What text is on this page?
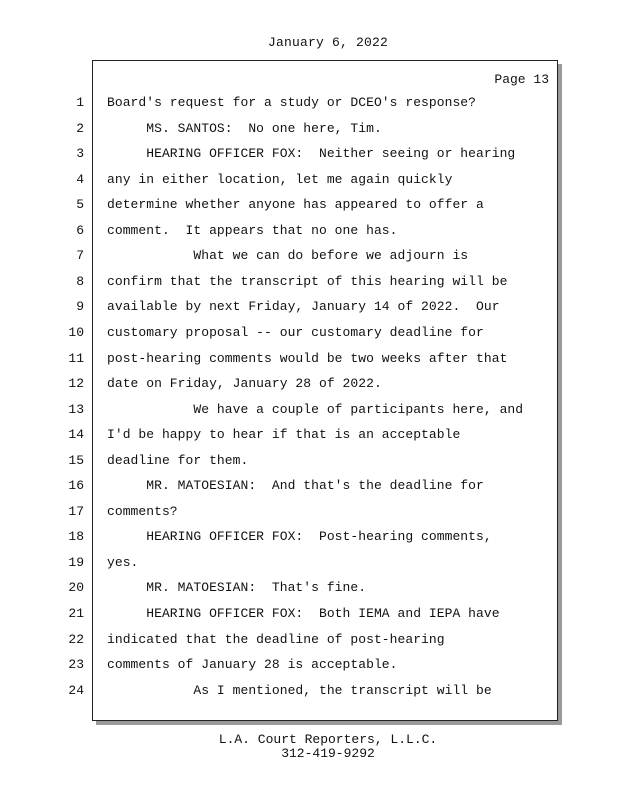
January 6, 2022
Page 13
1 Board's request for a study or DCEO's response?
2 MS. SANTOS:  No one here, Tim.
3 HEARING OFFICER FOX:  Neither seeing or hearing
4 any in either location, let me again quickly
5 determine whether anyone has appeared to offer a
6 comment.  It appears that no one has.
7 What we can do before we adjourn is
8 confirm that the transcript of this hearing will be
9 available by next Friday, January 14 of 2022.  Our
10 customary proposal -- our customary deadline for
11 post-hearing comments would be two weeks after that
12 date on Friday, January 28 of 2022.
13 We have a couple of participants here, and
14 I'd be happy to hear if that is an acceptable
15 deadline for them.
16 MR. MATOESIAN:  And that's the deadline for
17 comments?
18 HEARING OFFICER FOX:  Post-hearing comments,
19 yes.
20 MR. MATOESIAN:  That's fine.
21 HEARING OFFICER FOX:  Both IEMA and IEPA have
22 indicated that the deadline of post-hearing
23 comments of January 28 is acceptable.
24 As I mentioned, the transcript will be
L.A. Court Reporters, L.L.C.
312-419-9292
